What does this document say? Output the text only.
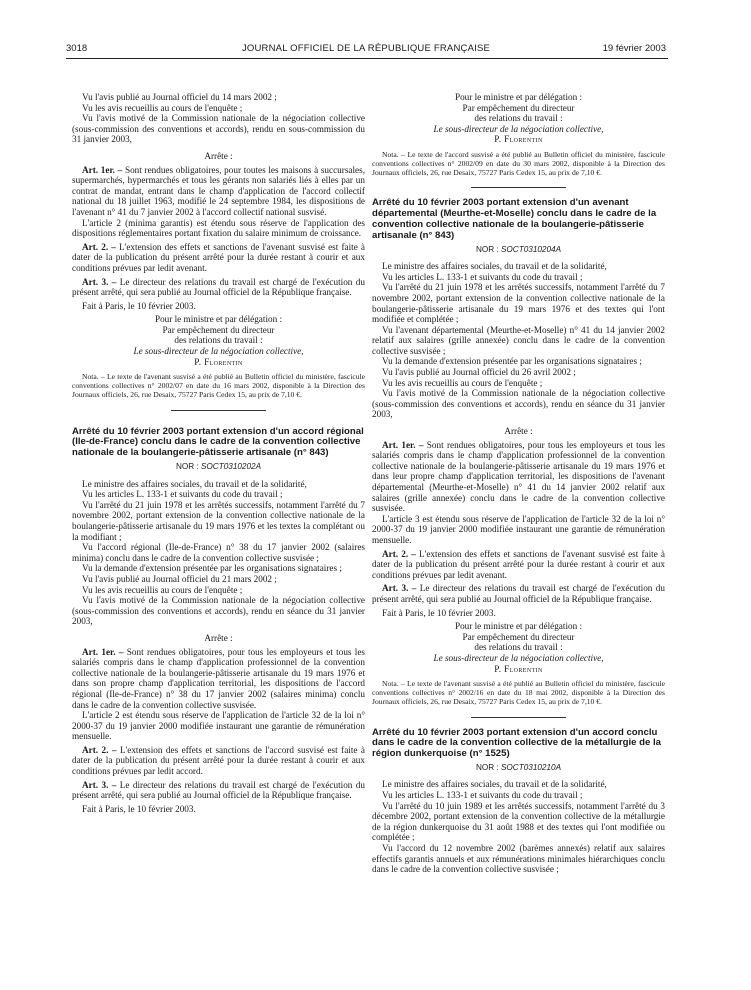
3018	JOURNAL OFFICIEL DE LA RÉPUBLIQUE FRANÇAISE	19 février 2003

Vu l'avis publié au Journal officiel du 14 mars 2002 ;

Vu les avis recueillis au cours de l'enquête ;

Vu l'avis motivé de la Commission nationale de la négociation collective (sous-commission des conventions et accords), rendu en sous-commission du 31 janvier 2003,

Arrête :

Art. 1er. – Sont rendues obligatoires, pour toutes les maisons à succursales, supermarchés, hypermarchés et tous les gérants non salariés liés à elles par un contrat de mandat, entrant dans le champ d'application de l'accord collectif national du 18 juillet 1963, modifié le 24 septembre 1984, les dispositions de l'avenant n° 41 du 7 janvier 2002 à l'accord collectif national susvisé.

L'article 2 (minima garantis) est étendu sous réserve de l'application des dispositions réglementaires portant fixation du salaire minimum de croissance.

Art. 2. – L'extension des effets et sanctions de l'avenant susvisé est faite à dater de la publication du présent arrêté pour la durée restant à courir et aux conditions prévues par ledit avenant.

Art. 3. – Le directeur des relations du travail est chargé de l'exécution du présent arrêté, qui sera publié au Journal officiel de la République française.

Fait à Paris, le 10 février 2003.

Pour le ministre et par délégation :

Par empêchement du directeur

des relations du travail :

Le sous-directeur de la négociation collective,

P. Florentin

Nota. – Le texte de l'avenant susvisé a été publié au Bulletin officiel du ministère, fascicule conventions collectives n° 2002/07 en date du 16 mars 2002, disponible à la Direction des Journaux officiels, 26, rue Desaix, 75727 Paris Cedex 15, au prix de 7,10 €.

Arrêté du 10 février 2003 portant extension d'un accord régional (Ile-de-France) conclu dans le cadre de la convention collective nationale de la boulangerie-pâtisserie artisanale (n° 843)

NOR : SOCT0310202A

Le ministre des affaires sociales, du travail et de la solidarité,

Vu les articles L. 133-1 et suivants du code du travail ;

Vu l'arrêté du 21 juin 1978 et les arrêtés successifs, notamment l'arrêté du 7 novembre 2002, portant extension de la convention collective nationale de la boulangerie-pâtisserie artisanale du 19 mars 1976 et les textes la complétant ou la modifiant ;

Vu l'accord régional (Ile-de-France) n° 38 du 17 janvier 2002 (salaires minima) conclu dans le cadre de la convention collective susvisée ;

Vu la demande d'extension présentée par les organisations signataires ;

Vu l'avis publié au Journal officiel du 21 mars 2002 ;

Vu les avis recueillis au cours de l'enquête ;

Vu l'avis motivé de la Commission nationale de la négociation collective (sous-commission des conventions et accords), rendu en séance du 31 janvier 2003,

Arrête :

Art. 1er. – Sont rendues obligatoires, pour tous les employeurs et tous les salariés compris dans le champ d'application professionnel de la convention collective nationale de la boulangerie-pâtisserie artisanale du 19 mars 1976 et dans son propre champ d'application territorial, les dispositions de l'accord régional (Ile-de-France) n° 38 du 17 janvier 2002 (salaires minima) conclu dans le cadre de la convention collective susvisée.

L'article 2 est étendu sous réserve de l'application de l'article 32 de la loi n° 2000-37 du 19 janvier 2000 modifiée instaurant une garantie de rémunération mensuelle.

Art. 2. – L'extension des effets et sanctions de l'accord susvisé est faite à dater de la publication du présent arrêté pour la durée restant à courir et aux conditions prévues par ledit accord.

Art. 3. – Le directeur des relations du travail est chargé de l'exécution du présent arrêté, qui sera publié au Journal officiel de la République française.

Fait à Paris, le 10 février 2003.

Pour le ministre et par délégation :

Par empêchement du directeur

des relations du travail :

Le sous-directeur de la négociation collective,

P. Florentin

Nota. – Le texte de l'accord susvisé a été publié au Bulletin officiel du ministère, fascicule conventions collectives n° 2002/09 en date du 30 mars 2002, disponible à la Direction des Journaux officiels, 26, rue Desaix, 75727 Paris Cedex 15, au prix de 7,10 €.

Arrêté du 10 février 2003 portant extension d'un avenant départemental (Meurthe-et-Moselle) conclu dans le cadre de la convention collective nationale de la boulangerie-pâtisserie artisanale (n° 843)

NOR : SOCT0310204A

Le ministre des affaires sociales, du travail et de la solidarité,

Vu les articles L. 133-1 et suivants du code du travail ;

Vu l'arrêté du 21 juin 1978 et les arrêtés successifs, notamment l'arrêté du 7 novembre 2002, portant extension de la convention collective nationale de la boulangerie-pâtisserie artisanale du 19 mars 1976 et des textes qui l'ont modifiée et complétée ;

Vu l'avenant départemental (Meurthe-et-Moselle) n° 41 du 14 janvier 2002 relatif aux salaires (grille annexée) conclu dans le cadre de la convention collective susvisée ;

Vu la demande d'extension présentée par les organisations signataires ;

Vu l'avis publié au Journal officiel du 26 avril 2002 ;

Vu les avis recueillis au cours de l'enquête ;

Vu l'avis motivé de la Commission nationale de la négociation collective (sous-commission des conventions et accords), rendu en séance du 31 janvier 2003,

Arrête :

Art. 1er. – Sont rendues obligatoires, pour tous les employeurs et tous les salariés compris dans le champ d'application professionnel de la convention collective nationale de la boulangerie-pâtisserie artisanale du 19 mars 1976 et dans leur propre champ d'application territorial, les dispositions de l'avenant départemental (Meurthe-et-Moselle) n° 41 du 14 janvier 2002 relatif aux salaires (grille annexée) conclu dans le cadre de la convention collective susvisée.

L'article 3 est étendu sous réserve de l'application de l'article 32 de la loi n° 2000-37 du 19 janvier 2000 modifiée instaurant une garantie de rémunération mensuelle.

Art. 2. – L'extension des effets et sanctions de l'avenant susvisé est faite à dater de la publication du présent arrêté pour la durée restant à courir et aux conditions prévues par ledit avenant.

Art. 3. – Le directeur des relations du travail est chargé de l'exécution du présent arrêté, qui sera publié au Journal officiel de la République française.

Fait à Paris, le 10 février 2003.

Pour le ministre et par délégation :

Par empêchement du directeur

des relations du travail :

Le sous-directeur de la négociation collective,

P. Florentin

Nota. – Le texte de l'avenant susvisé a été publié au Bulletin officiel du ministère, fascicule conventions collectives n° 2002/16 en date du 18 mai 2002, disponible à la Direction des Journaux officiels, 26, rue Desaix, 75727 Paris Cedex 15, au prix de 7,10 €.

Arrêté du 10 février 2003 portant extension d'un accord conclu dans le cadre de la convention collective de la métallurgie de la région dunkerquoise (n° 1525)

NOR : SOCT0310210A

Le ministre des affaires sociales, du travail et de la solidarité,

Vu les articles L. 133-1 et suivants du code du travail ;

Vu l'arrêté du 10 juin 1989 et les arrêtés successifs, notamment l'arrêté du 3 décembre 2002, portant extension de la convention collective de la métallurgie de la région dunkerquoise du 31 août 1988 et des textes qui l'ont modifiée ou complétée ;

Vu l'accord du 12 novembre 2002 (barèmes annexés) relatif aux salaires effectifs garantis annuels et aux rémunérations minimales hiérarchiques conclu dans le cadre de la convention collective susvisée ;
